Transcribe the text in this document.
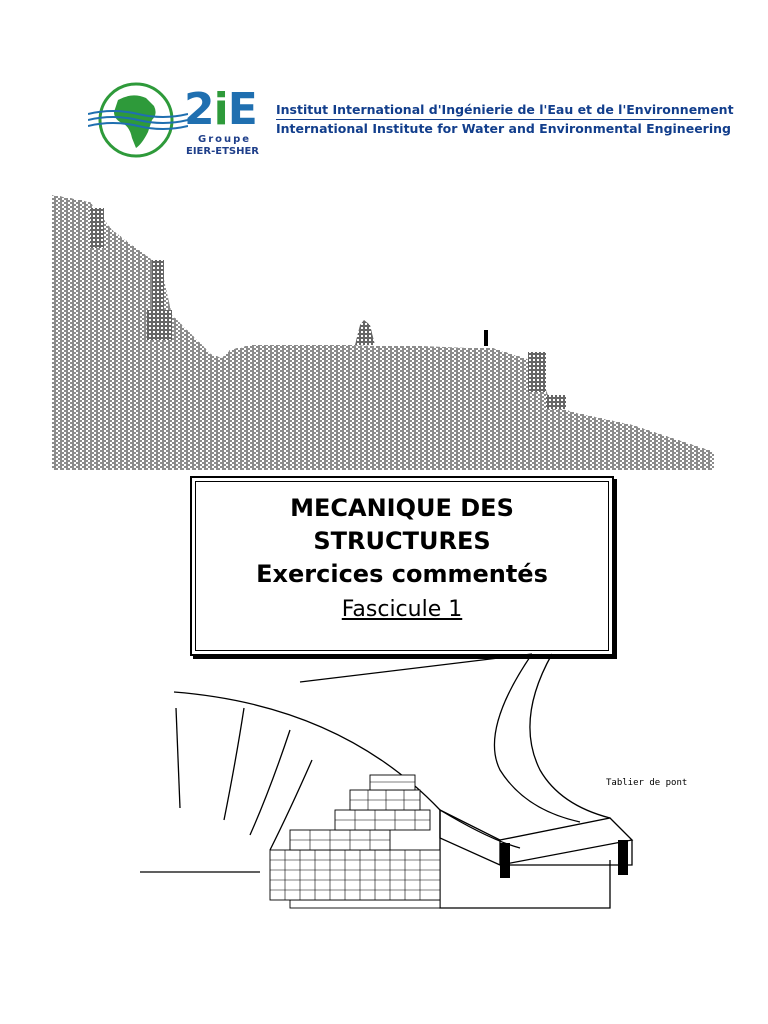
2iE
Groupe
EIER-ETSHER
Institut International d'Ingénierie de l'Eau et de l'Environnement
International Institute for Water and Environmental Engineering
MECANIQUE DES
STRUCTURES
Exercices commentés
Fascicule 1
Tablier de pont
